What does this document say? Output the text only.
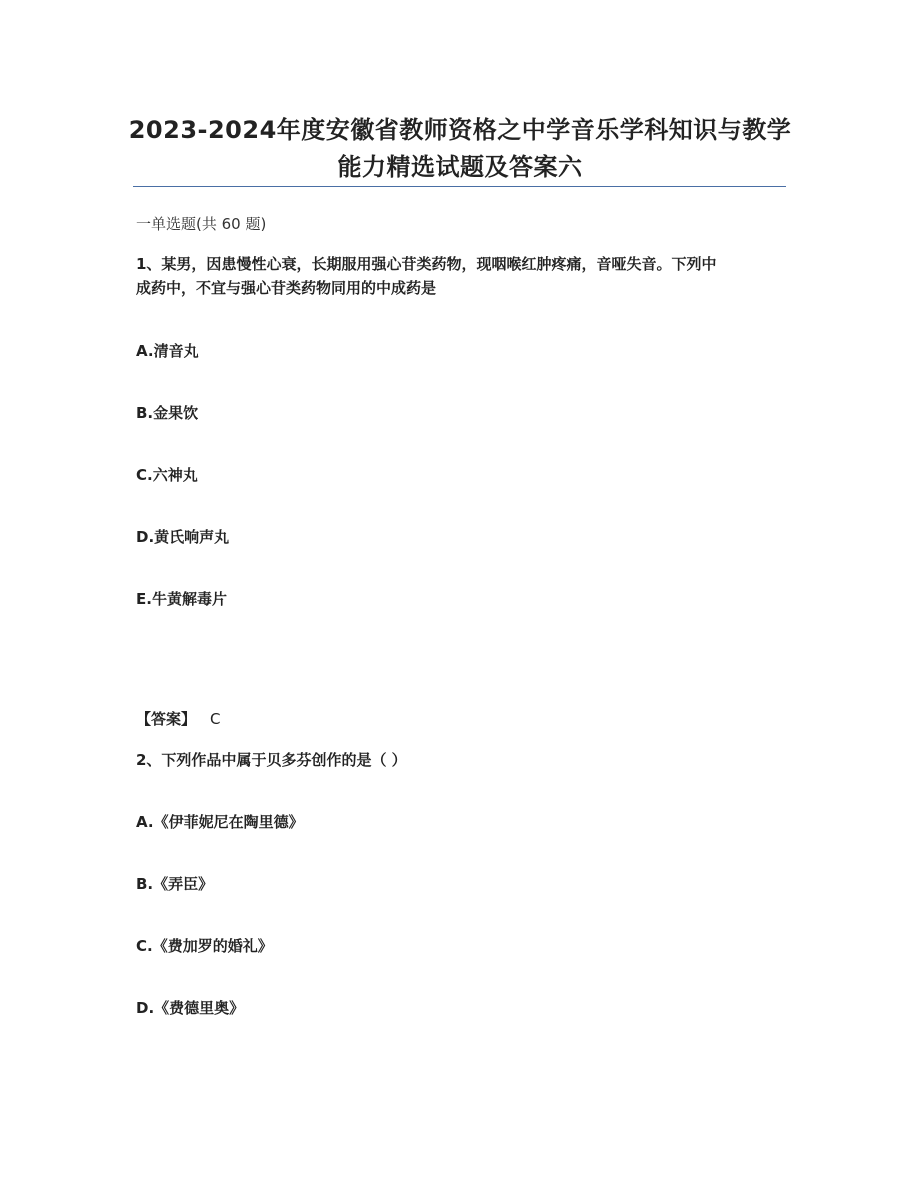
2023-2024年度安徽省教师资格之中学音乐学科知识与教学
能力精选试题及答案六
一单选题(共 60 题)
1、某男，因患慢性心衰，长期服用强心苷类药物，现咽喉红肿疼痛，音哑失音。下列中
成药中，不宜与强心苷类药物同用的中成药是
A.清音丸
B.金果饮
C.六神丸
D.黄氏响声丸
E.牛黄解毒片
【答案】 C
2、下列作品中属于贝多芬创作的是（ ）
A.《伊菲妮尼在陶里德》
B.《弄臣》
C.《费加罗的婚礼》
D.《费德里奥》
